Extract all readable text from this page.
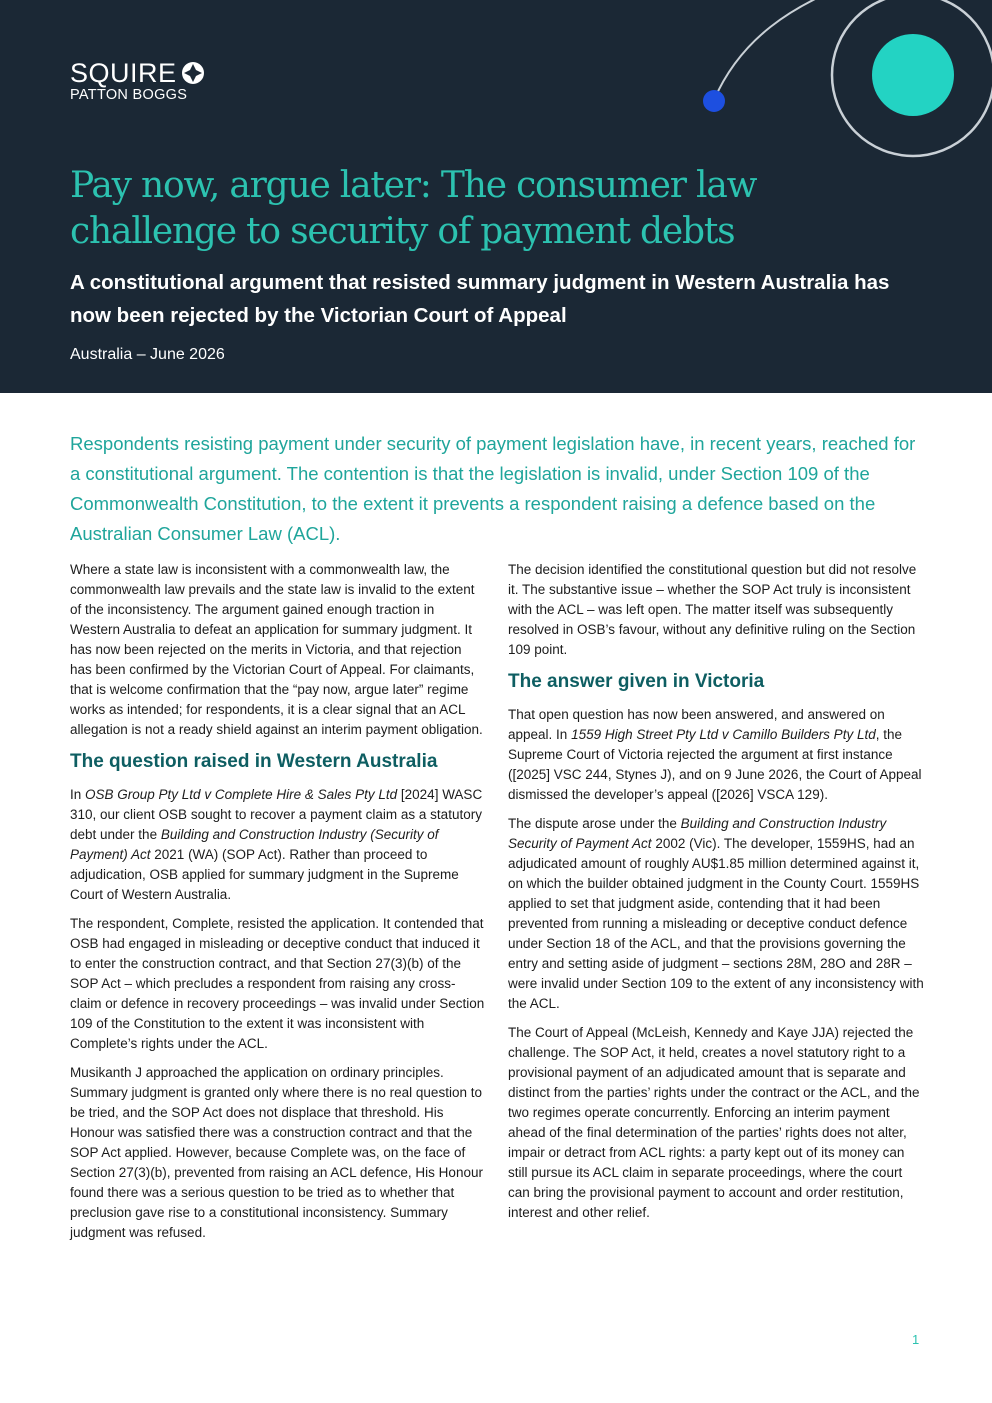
SQUIRE
PATTON BOGGS
Pay now, argue later: The consumer law challenge to security of payment debts

A constitutional argument that resisted summary judgment in Western Australia has now been rejected by the Victorian Court of Appeal

Australia – June 2026

Respondents resisting payment under security of payment legislation have, in recent years, reached for a constitutional argument. The contention is that the legislation is invalid, under Section 109 of the Commonwealth Constitution, to the extent it prevents a respondent raising a defence based on the Australian Consumer Law (ACL).

Where a state law is inconsistent with a commonwealth law, the commonwealth law prevails and the state law is invalid to the extent of the inconsistency. The argument gained enough traction in Western Australia to defeat an application for summary judgment. It has now been rejected on the merits in Victoria, and that rejection has been confirmed by the Victorian Court of Appeal. For claimants, that is welcome confirmation that the “pay now, argue later” regime works as intended; for respondents, it is a clear signal that an ACL allegation is not a ready shield against an interim payment obligation.

The question raised in Western Australia

In OSB Group Pty Ltd v Complete Hire & Sales Pty Ltd [2024] WASC 310, our client OSB sought to recover a payment claim as a statutory debt under the Building and Construction Industry (Security of Payment) Act 2021 (WA) (SOP Act). Rather than proceed to adjudication, OSB applied for summary judgment in the Supreme Court of Western Australia.

The respondent, Complete, resisted the application. It contended that OSB had engaged in misleading or deceptive conduct that induced it to enter the construction contract, and that Section 27(3)(b) of the SOP Act – which precludes a respondent from raising any cross-claim or defence in recovery proceedings – was invalid under Section 109 of the Constitution to the extent it was inconsistent with Complete’s rights under the ACL.

Musikanth J approached the application on ordinary principles. Summary judgment is granted only where there is no real question to be tried, and the SOP Act does not displace that threshold. His Honour was satisfied there was a construction contract and that the SOP Act applied. However, because Complete was, on the face of Section 27(3)(b), prevented from raising an ACL defence, His Honour found there was a serious question to be tried as to whether that preclusion gave rise to a constitutional inconsistency. Summary judgment was refused.

The decision identified the constitutional question but did not resolve it. The substantive issue – whether the SOP Act truly is inconsistent with the ACL – was left open. The matter itself was subsequently resolved in OSB’s favour, without any definitive ruling on the Section 109 point.

The answer given in Victoria

That open question has now been answered, and answered on appeal. In 1559 High Street Pty Ltd v Camillo Builders Pty Ltd, the Supreme Court of Victoria rejected the argument at first instance ([2025] VSC 244, Stynes J), and on 9 June 2026, the Court of Appeal dismissed the developer’s appeal ([2026] VSCA 129).

The dispute arose under the Building and Construction Industry Security of Payment Act 2002 (Vic). The developer, 1559HS, had an adjudicated amount of roughly AU$1.85 million determined against it, on which the builder obtained judgment in the County Court. 1559HS applied to set that judgment aside, contending that it had been prevented from running a misleading or deceptive conduct defence under Section 18 of the ACL, and that the provisions governing the entry and setting aside of judgment – sections 28M, 28O and 28R – were invalid under Section 109 to the extent of any inconsistency with the ACL.

The Court of Appeal (McLeish, Kennedy and Kaye JJA) rejected the challenge. The SOP Act, it held, creates a novel statutory right to a provisional payment of an adjudicated amount that is separate and distinct from the parties’ rights under the contract or the ACL, and the two regimes operate concurrently. Enforcing an interim payment ahead of the final determination of the parties’ rights does not alter, impair or detract from ACL rights: a party kept out of its money can still pursue its ACL claim in separate proceedings, where the court can bring the provisional payment to account and order restitution, interest and other relief.

1
